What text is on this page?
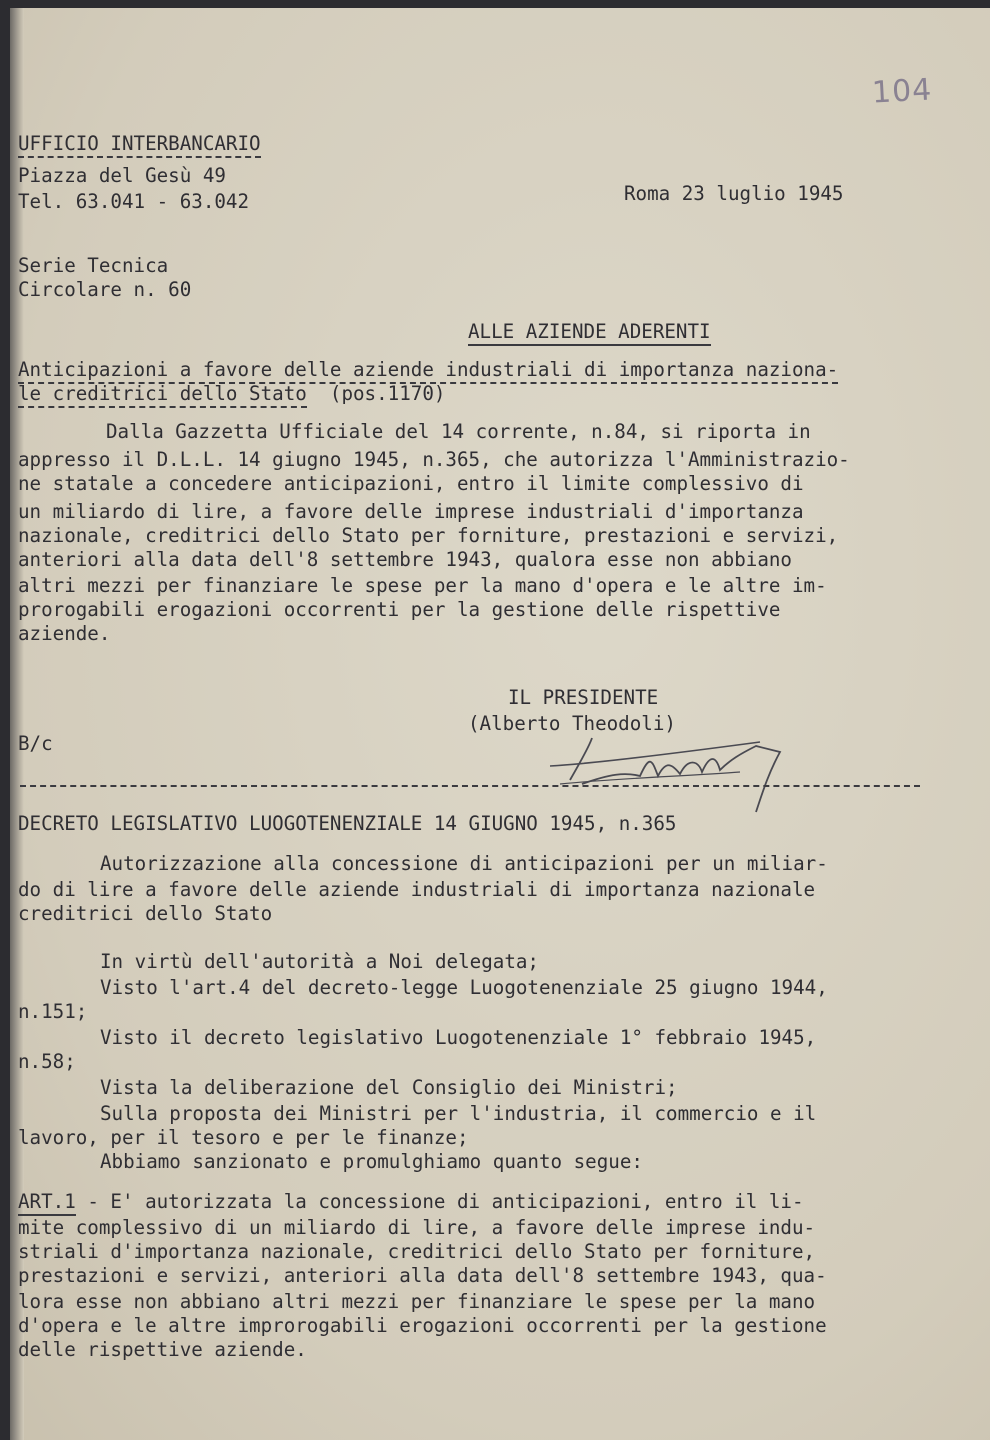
104
UFFICIO INTERBANCARIO
Piazza del Gesù 49
Tel. 63.041 - 63.042	Roma 23 luglio 1945
Serie Tecnica
Circolare n. 60
ALLE AZIENDE ADERENTI
Anticipazioni a favore delle aziende industriali di importanza naziona-
le creditrici dello Stato (pos.1170)
Dalla Gazzetta Ufficiale del 14 corrente, n.84, si riporta in
appresso il D.L.L. 14 giugno 1945, n.365, che autorizza l'Amministrazio-
ne statale a concedere anticipazioni, entro il limite complessivo di
un miliardo di lire, a favore delle imprese industriali d'importanza
nazionale, creditrici dello Stato per forniture, prestazioni e servizi,
anteriori alla data dell'8 settembre 1943, qualora esse non abbiano
altri mezzi per finanziare le spese per la mano d'opera e le altre im-
prorogabili erogazioni occorrenti per la gestione delle rispettive
aziende.
IL PRESIDENTE
(Alberto Theodoli)
B/c
DECRETO LEGISLATIVO LUOGOTENENZIALE 14 GIUGNO 1945, n.365
Autorizzazione alla concessione di anticipazioni per un miliar-
do di lire a favore delle aziende industriali di importanza nazionale
creditrici dello Stato
In virtù dell'autorità a Noi delegata;
Visto l'art.4 del decreto-legge Luogotenenziale 25 giugno 1944,
n.151;
Visto il decreto legislativo Luogotenenziale 1° febbraio 1945,
n.58;
Vista la deliberazione del Consiglio dei Ministri;
Sulla proposta dei Ministri per l'industria, il commercio e il
lavoro, per il tesoro e per le finanze;
Abbiamo sanzionato e promulghiamo quanto segue:
ART.1 - E' autorizzata la concessione di anticipazioni, entro il li-
mite complessivo di un miliardo di lire, a favore delle imprese indu-
striali d'importanza nazionale, creditrici dello Stato per forniture,
prestazioni e servizi, anteriori alla data dell'8 settembre 1943, qua-
lora esse non abbiano altri mezzi per finanziare le spese per la mano
d'opera e le altre improrogabili erogazioni occorrenti per la gestione
delle rispettive aziende.
